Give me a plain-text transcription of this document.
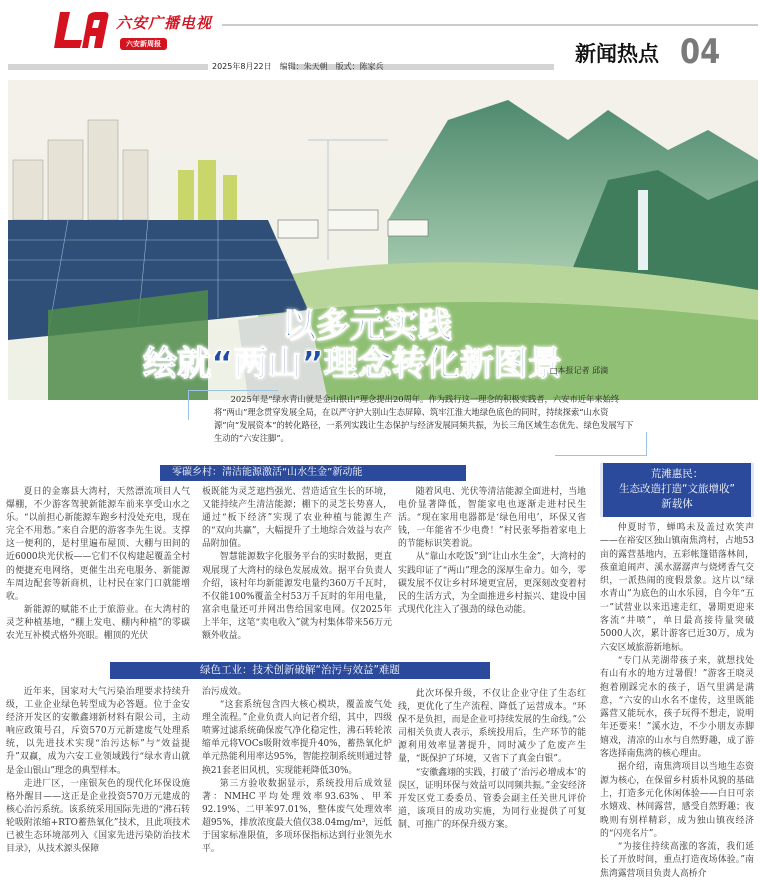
六安广播电视
六安新周报
2025年8月22日　编辑：朱天朝　版式：陈家兵
新闻热点 04
以多元实践
绘就“两山”理念转化新图景
□本报记者 邱滴
2025年是“绿水青山就是金山银山”理念提出20周年。作为践行这一理念的积极实践者，六安市近年来始终将“两山”理念贯穿发展全局，在以严守护大别山生态屏障、筑牢江淮大地绿色底色的同时，持续探索“山水资源”向“发展资本”的转化路径，一系列实践让生态保护与经济发展同频共振，为长三角区域生态优先、绿色发展写下生动的“六安注脚”。
零碳乡村：清洁能源激活“山水生金”新动能

夏日的金寨县大湾村，天然漂流项目人气爆棚，不少游客驾驶新能源车前来享受山水之乐。“以前担心新能源车跑乡村没处充电，现在完全不用愁。”来自合肥的游客李先生说。支撑这一便利的，是村里遍布屋顶、大棚与田间的近6000块光伏板——它们不仅构建起覆盖全村的便捷充电网络，更催生出充电服务、新能源车周边配套等新商机，让村民在家门口就能增收。

新能源的赋能不止于旅游业。在大湾村的灵芝种植基地，“棚上发电、棚内种植”的零碳农光互补模式格外亮眼。棚顶的光伏

板既能为灵芝遮挡强光、营造适宜生长的环境，又能持续产生清洁能源；棚下的灵芝长势喜人，通过“板下经济”实现了农业种植与能源生产的“双向共赢”，大幅提升了土地综合效益与农产品附加值。

智慧能源数字化服务平台的实时数据，更直观展现了大湾村的绿色发展成效。据平台负责人介绍，该村年均新能源发电量约360万千瓦时，不仅能100%覆盖全村53万千瓦时的年用电量，富余电量还可并网出售给国家电网。仅2025年上半年，这笔“卖电收入”就为村集体带来56万元额外收益。

随着风电、光伏等清洁能源全面进村，当地电价显著降低，智能家电也逐渐走进村民生活。“现在家用电器都是‘绿色用电’，环保又省钱，一年能省不少电费！”村民张琴指着家电上的节能标识笑着说。

从“靠山水吃饭”到“让山水生金”，大湾村的实践印证了“两山”理念的深厚生命力。如今，零碳发展不仅让乡村环境更宜居，更深刻改变着村民的生活方式，为全面推进乡村振兴、建设中国式现代化注入了强劲的绿色动能。

绿色工业：技术创新破解“治污与效益”难题

近年来，国家对大气污染治理要求持续升级，工业企业绿色转型成为必答题。位于金安经济开发区的安徽鑫翊新材料有限公司，主动响应政策号召，斥资570万元新建废气处理系统，以先进技术实现“治污达标”与“效益提升”双赢，成为六安工业领域践行“绿水青山就是金山银山”理念的典型样本。

走进厂区，一座银灰色的现代化环保设施格外醒目——这正是企业投资570万元建成的核心治污系统。该系统采用国际先进的“沸石转轮吸附浓缩+RTO蓄热氧化”技术，且此项技术已被生态环境部列入《国家先进污染防治技术目录》，从技术源头保障

治污成效。

“这套系统包含四大核心模块，覆盖废气处理全流程。”企业负责人向记者介绍，其中，四级喷雾过滤系统确保废气净化稳定性，沸石转轮浓缩单元将VOCs吸附效率提升40%，蓄热氧化炉单元热能利用率达95%，智能控制系统则通过替换21套老旧风机，实现能耗降低30%。

第三方验收数据显示，系统投用后成效显著：NMHC平均处理效率93.63%、甲苯92.19%、二甲苯97.01%，整体废气处理效率超95%，排放浓度最大值仅38.04mg/m³，远低于国家标准限值，多项环保指标达到行业领先水平。

此次环保升级，不仅让企业守住了生态红线，更优化了生产流程、降低了运营成本。“环保不是负担，而是企业可持续发展的生命线。”公司相关负责人表示，系统投用后，生产环节的能源利用效率显著提升，同时减少了危废产生量，“既保护了环境，又省下了真金白银”。

“安徽鑫翊的实践，打破了‘治污必增成本’的误区，证明环保与效益可以同频共振。”金安经济开发区党工委委员、管委会副主任关世凡评价道，该项目的成功实施，为同行业提供了可复制、可推广的环保升级方案。

荒滩惠民：
生态改造打造“文旅增收”
新载体

仲夏时节，蝉鸣未及盖过欢笑声——在裕安区独山镇南焦湾村，占地53亩的露营基地内，五彩帐篷错落林间，孩童追闹声、溪水潺潺声与烧烤香气交织，一派热闹的度假景象。这片以“绿水青山”为底色的山水乐园，自今年“五一”试营业以来迅速走红，暑期更迎来客流“井喷”，单日最高接待量突破5000人次，累计游客已近30万，成为六安区域旅游新地标。

“专门从芜湖带孩子来，就想找处有山有水的地方过暑假！”游客王晓灵抱着刚踩完水的孩子，语气里满是满意，“六安的山水名不虚传，这里既能露营又能玩水，孩子玩得不想走，说明年还要来！”溪水边，不少小朋友赤脚嬉戏，清凉的山水与自然野趣，成了游客选择南焦湾的核心理由。

据介绍，南焦湾项目以当地生态资源为核心，在保留乡村质朴风貌的基础上，打造多元化休闲体验——白日可亲水嬉戏、林间露营，感受自然野趣；夜晚则有别样精彩，成为独山镇夜经济的“闪亮名片”。

“为接住持续高涨的客流，我们延长了开放时间，重点打造夜场体验。”南焦湾露营项目负责人高桥介
